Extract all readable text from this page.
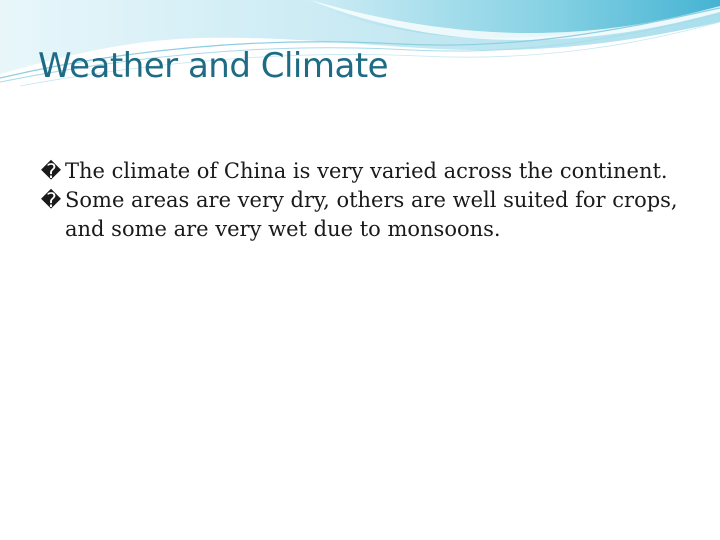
Weather and Climate
� The climate of China is very varied across the continent.
� Some areas are very dry, others are well suited for crops, and some are very wet due to monsoons.
